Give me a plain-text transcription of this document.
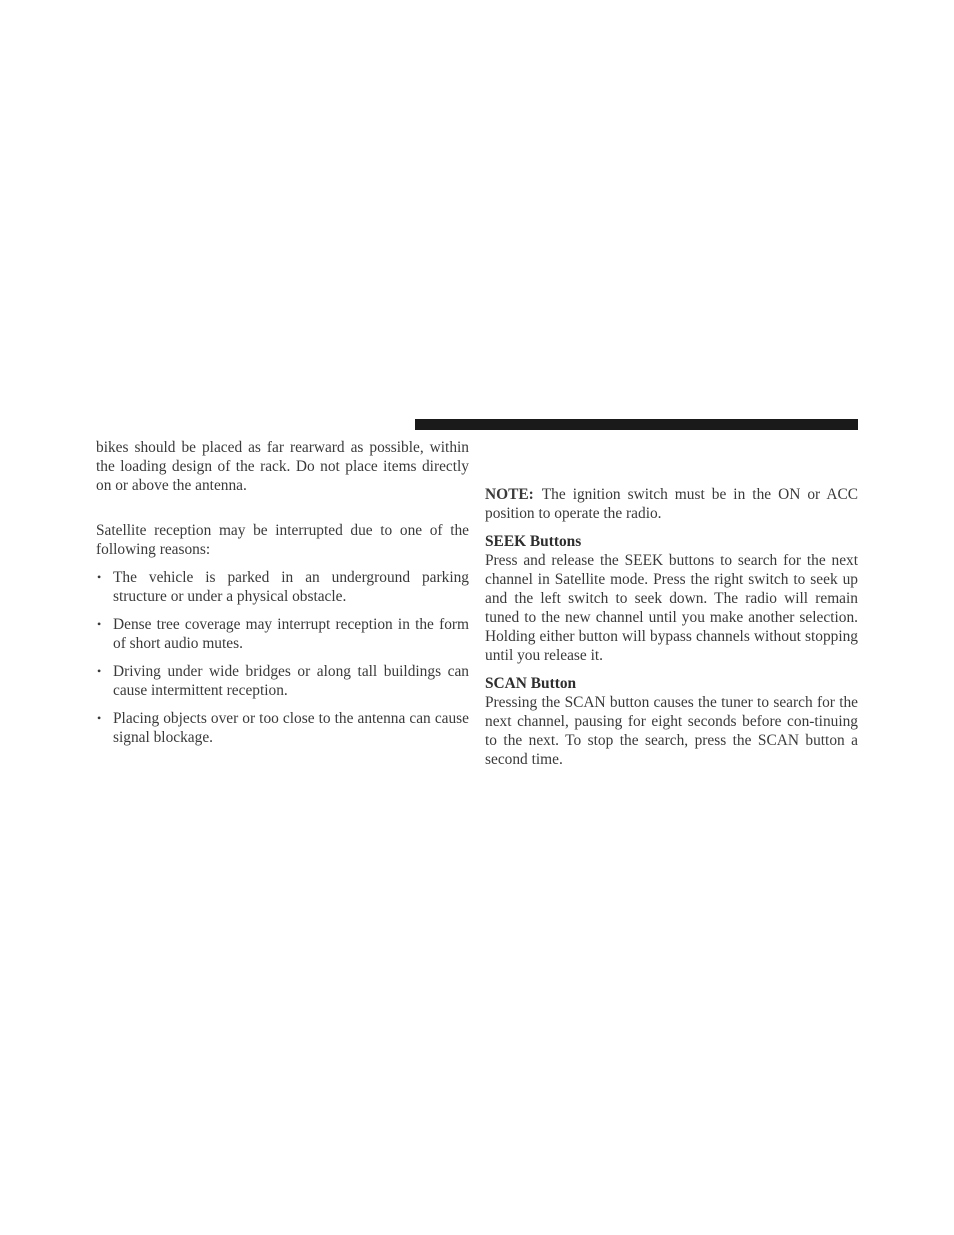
bikes should be placed as far rearward as possible, within the loading design of the rack. Do not place items directly on or above the antenna.

Satellite reception may be interrupted due to one of the following reasons:

• The vehicle is parked in an underground parking structure or under a physical obstacle.
• Dense tree coverage may interrupt reception in the form of short audio mutes.
• Driving under wide bridges or along tall buildings can cause intermittent reception.
• Placing objects over or too close to the antenna can cause signal blockage.

NOTE: The ignition switch must be in the ON or ACC position to operate the radio.

SEEK Buttons

Press and release the SEEK buttons to search for the next channel in Satellite mode. Press the right switch to seek up and the left switch to seek down. The radio will remain tuned to the new channel until you make another selection. Holding either button will bypass channels without stopping until you release it.

SCAN Button

Pressing the SCAN button causes the tuner to search for the next channel, pausing for eight seconds before con-tinuing to the next. To stop the search, press the SCAN button a second time.
